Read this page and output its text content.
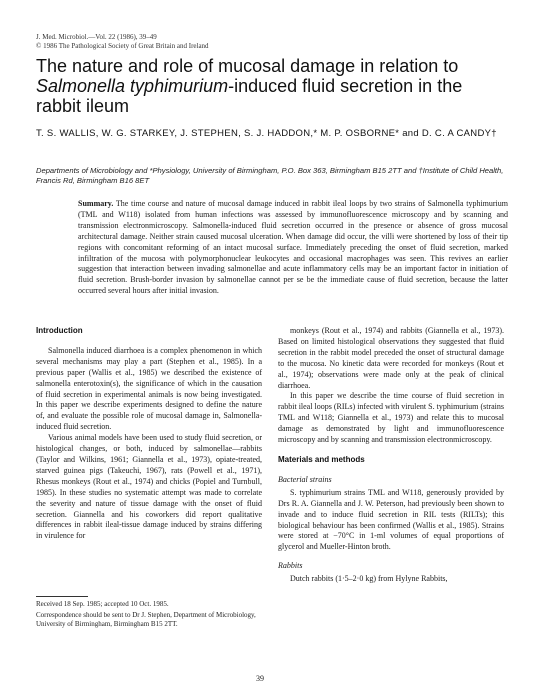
J. Med. Microbiol.—Vol. 22 (1986), 39–49
© 1986 The Pathological Society of Great Britain and Ireland
The nature and role of mucosal damage in relation to Salmonella typhimurium-induced fluid secretion in the rabbit ileum
T. S. WALLIS, W. G. STARKEY, J. STEPHEN, S. J. HADDON,* M. P. OSBORNE* and D. C. A CANDY†
Departments of Microbiology and *Physiology, University of Birmingham, P.O. Box 363, Birmingham B15 2TT and †Institute of Child Health, Francis Rd, Birmingham B16 8ET
Summary. The time course and nature of mucosal damage induced in rabbit ileal loops by two strains of Salmonella typhimurium (TML and W118) isolated from human infections was assessed by immunofluorescence microscopy and by scanning and transmission electronmicroscopy. Salmonella-induced fluid secretion occurred in the presence or absence of gross mucosal architectural damage. Neither strain caused mucosal ulceration. When damage did occur, the villi were shortened by loss of their tip regions with concomitant reforming of an intact mucosal surface. Immediately preceding the onset of fluid secretion, marked infiltration of the mucosa with polymorphonuclear leukocytes and occasional macrophages was seen. This revives an earlier suggestion that interaction between invading salmonellae and acute inflammatory cells may be an important factor in initiation of fluid secretion. Brush-border invasion by salmonellae cannot per se be the immediate cause of fluid secretion, because the latter occurred several hours after initial invasion.
Introduction

Salmonella induced diarrhoea is a complex phenomenon in which several mechanisms may play a part (Stephen et al., 1985). In a previous paper (Wallis et al., 1985) we described the existence of salmonella enterotoxin(s), the significance of which in the causation of fluid secretion in experimental animals is now being investigated. In this paper we describe experiments designed to define the nature of, and evaluate the possible role of mucosal damage in, Salmonella-induced fluid secretion.

Various animal models have been used to study fluid secretion, or histological changes, or both, induced by salmonellae—rabbits (Taylor and Wilkins, 1961; Giannella et al., 1973), opiate-treated, starved guinea pigs (Takeuchi, 1967), rats (Powell et al., 1971), Rhesus monkeys (Rout et al., 1974) and chicks (Popiel and Turnbull, 1985). In these studies no systematic attempt was made to correlate the severity and nature of tissue damage with the onset of fluid secretion. Giannella and his coworkers did report qualitative differences in rabbit ileal-tissue damage induced by strains differing in virulence for

monkeys (Rout et al., 1974) and rabbits (Giannella et al., 1973). Based on limited histological observations they suggested that fluid secretion in the rabbit model preceded the onset of structural damage to the mucosa. No kinetic data were recorded for monkeys (Rout et al., 1974); observations were made only at the peak of clinical diarrhoea.

In this paper we describe the time course of fluid secretion in rabbit ileal loops (RILs) infected with virulent S. typhimurium (strains TML and W118; Giannella et al., 1973) and relate this to mucosal damage as demonstrated by light and immunofluorescence microscopy and by scanning and transmission electronmicroscopy.

Materials and methods
Bacterial strains

S. typhimurium strains TML and W118, generously provided by Drs R. A. Giannella and J. W. Peterson, had previously been shown to invade and to induce fluid secretion in RIL tests (RILTs); this biological behaviour has been confirmed (Wallis et al., 1985). Strains were stored at −70°C in 1-ml volumes of equal proportions of glycerol and Mueller-Hinton broth.

Rabbits

Dutch rabbits (1·5–2·0 kg) from Hylyne Rabbits,

Received 18 Sep. 1985; accepted 10 Oct. 1985.
Correspondence should be sent to Dr J. Stephen, Department of Microbiology, University of Birmingham, Birmingham B15 2TT.
39
